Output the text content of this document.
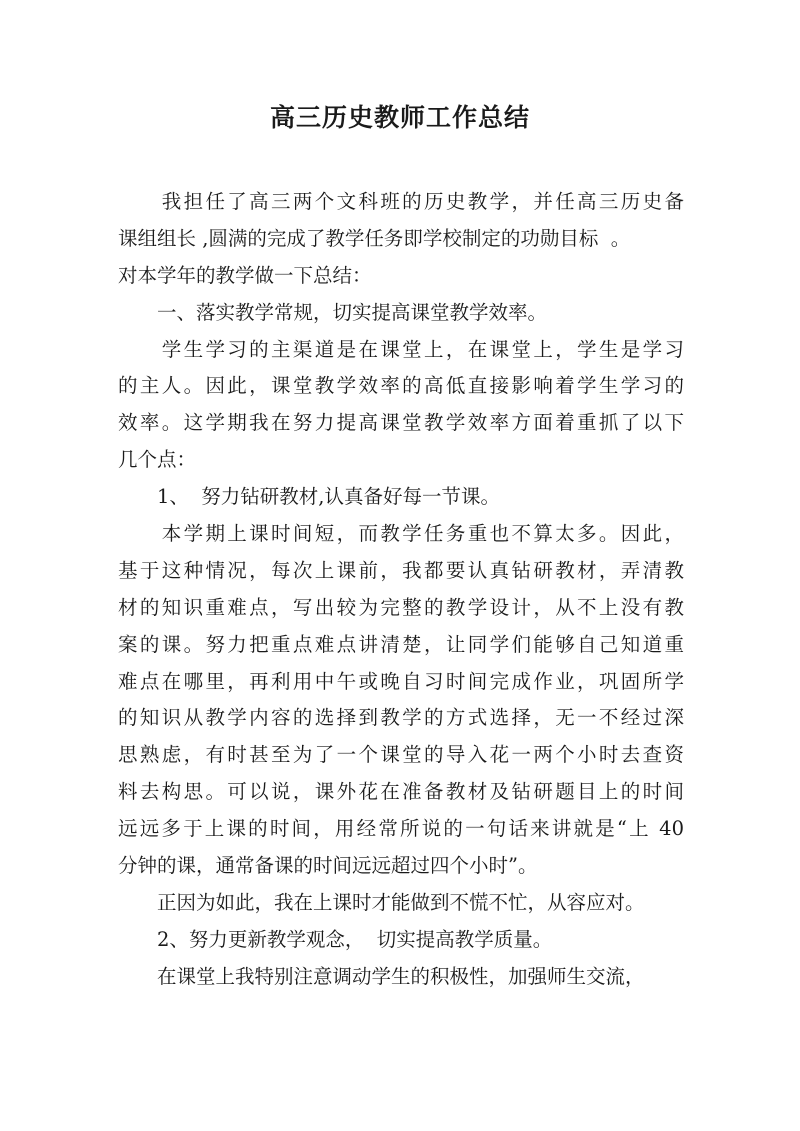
高三历史教师工作总结
　　我担任了高三两个文科班的历史教学，并任高三历史备
课组组长 ,圆满的完成了教学任务即学校制定的功勋目标  。
对本学年的教学做一下总结：
　　一、落实教学常规，切实提高课堂教学效率。
　　学生学习的主渠道是在课堂上，在课堂上，学生是学习
的主人。因此，课堂教学效率的高低直接影响着学生学习的
效率。这学期我在努力提高课堂教学效率方面着重抓了以下
几个点：
　　1、  努力钻研教材,认真备好每一节课。
　　本学期上课时间短，而教学任务重也不算太多。因此，
基于这种情况，每次上课前，我都要认真钻研教材，弄清教
材的知识重难点，写出较为完整的教学设计，从不上没有教
案的课。努力把重点难点讲清楚，让同学们能够自己知道重
难点在哪里，再利用中午或晚自习时间完成作业，巩固所学
的知识从教学内容的选择到教学的方式选择，无一不经过深
思熟虑，有时甚至为了一个课堂的导入花一两个小时去查资
料去构思。可以说，课外花在准备教材及钻研题目上的时间
远远多于上课的时间，用经常所说的一句话来讲就是“上 40
分钟的课，通常备课的时间远远超过四个小时”。
　　正因为如此，我在上课时才能做到不慌不忙，从容应对。
　　2、努力更新教学观念，  切实提高教学质量。
　　在课堂上我特别注意调动学生的积极性，加强师生交流，
